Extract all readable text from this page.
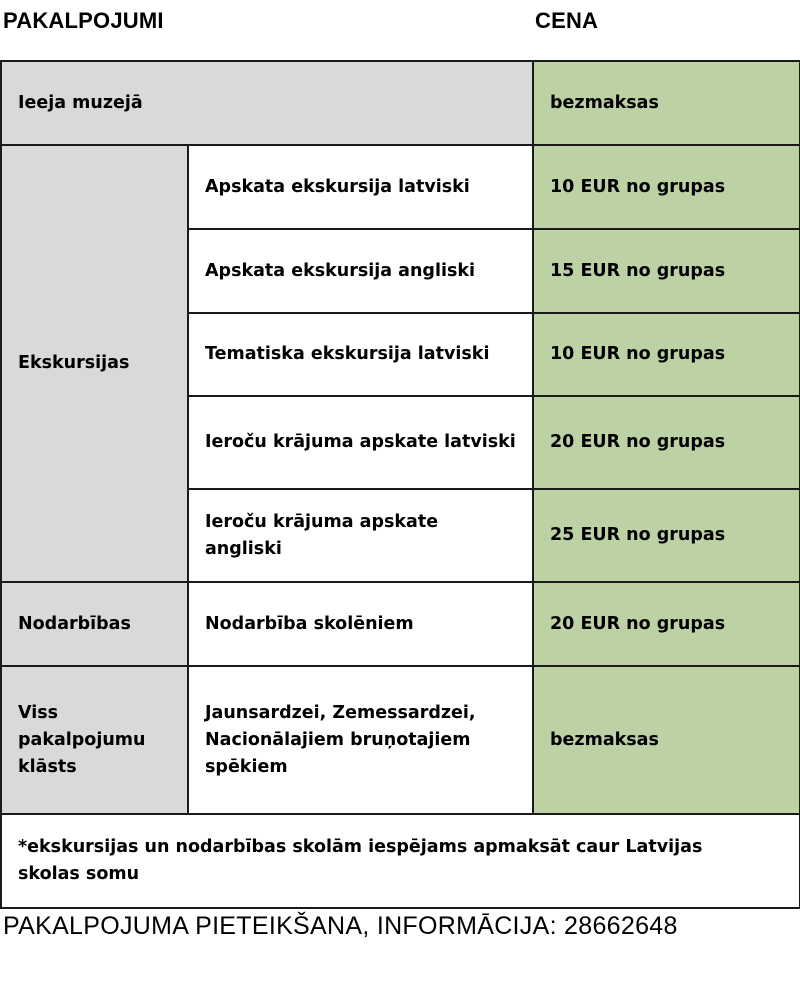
PAKALPOJUMI	CENA
Ieeja muzejā		bezmaksas
Ekskursijas	Apskata ekskursija latviski	10 EUR no grupas
	Apskata ekskursija angliski	15 EUR no grupas
	Tematiska ekskursija latviski	10 EUR no grupas
	Ieroču krājuma apskate latviski	20 EUR no grupas
	Ieroču krājuma apskate angliski	25 EUR no grupas
Nodarbības	Nodarbība skolēniem	20 EUR no grupas
Viss pakalpojumu klāsts	Jaunsardzei, Zemessardzei, Nacionālajiem bruņotajiem spēkiem	bezmaksas
*ekskursijas un nodarbības skolām iespējams apmaksāt caur Latvijas skolas somu		
PAKALPOJUMA PIETEIKŠANA, INFORMĀCIJA: 28662648
